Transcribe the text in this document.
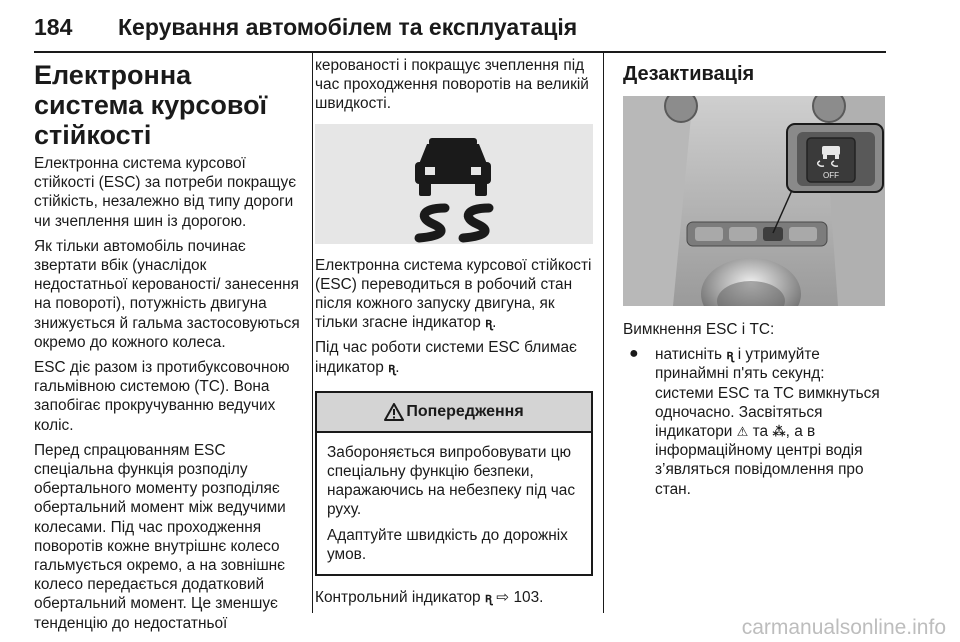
184 Керування автомобілем та експлуатація
Електронна система курсової стійкості

Електронна система курсової стійкості (ESC) за потреби покращує стійкість, незалежно від типу дороги чи зчеплення шин із дорогою.

Як тільки автомобіль починає звертати вбік (унаслідок недостатньої керованості/ занесення на повороті), потужність двигуна знижується й гальма застосовуються окремо до кожного колеса.

ESC діє разом із протибуксовочною гальмівною системою (TC). Вона запобігає прокручуванню ведучих коліс.

Перед спрацюванням ESC спеціальна функція розподілу обертального моменту розподіляє обертальний момент між ведучими колесами. Під час проходження поворотів кожне внутрішнє колесо гальмується окремо, а на зовнішнє колесо передається додатковий обертальний момент. Це зменшує тенденцію до недостатньої

керованості і покращує зчеплення під час проходження поворотів на великій швидкості.

Електронна система курсової стійкості (ESC) переводиться в робочий стан після кожного запуску двигуна, як тільки згасне індикатор ꭆ.

Під час роботи системи ESC блимає індикатор ꭆ.

Попередження

Забороняється випробовувати цю спеціальну функцію безпеки, наражаючись на небезпеку під час руху.

Адаптуйте швидкість до дорожніх умов.

Контрольний індикатор ꭆ ⇨ 103.

Дезактивація
OFF

Вимкнення ESC і TC:

●	натисніть ꭆ і утримуйте принаймні п'ять секунд: системи ESC та TC вимкнуться одночасно. Засвітяться індикатори ⚠ та ⁂, а в інформаційному центрі водія з’являться повідомлення про стан.

carmanualsonline.info
